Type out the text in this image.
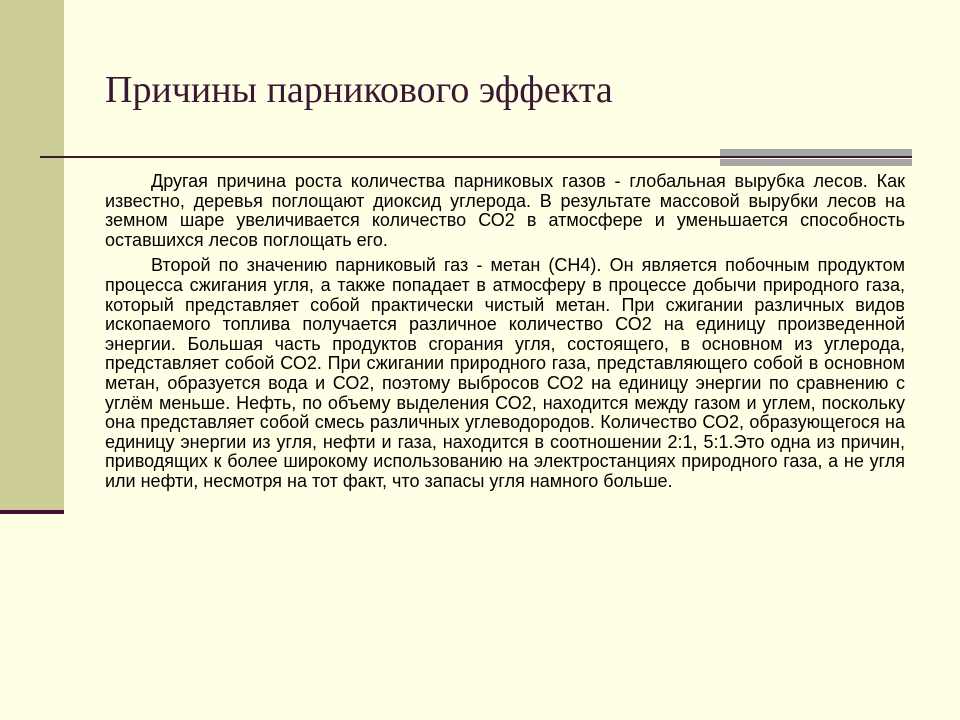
Причины парникового эффекта

Другая причина роста количества парниковых газов - глобальная вырубка лесов. Как известно, деревья поглощают диоксид углерода. В результате массовой вырубки лесов на земном шаре увеличивается количество СО2 в атмосфере и уменьшается способность оставшихся лесов поглощать его.

Второй по значению парниковый газ - метан (CH4). Он является побочным продуктом процесса сжигания угля, а также попадает в атмосферу в процессе добычи природного газа, который представляет собой практически чистый метан. При сжигании различных видов ископаемого топлива получается различное количество СО2 на единицу произведенной энергии. Большая часть продуктов сгорания угля, состоящего, в основном из углерода, представляет собой СО2. При сжигании природного газа, представляющего собой в основном метан, образуется вода и СО2, поэтому выбросов СО2 на единицу энергии по сравнению с углём меньше. Нефть, по объему выделения СО2, находится между газом и углем, поскольку она представляет собой смесь различных углеводородов. Количество СО2, образующегося на единицу энергии из угля, нефти и газа, находится в соотношении 2:1, 5:1.Это одна из причин, приводящих к более широкому использованию на электростанциях природного газа, а не угля или нефти, несмотря на тот факт, что запасы угля намного больше.
